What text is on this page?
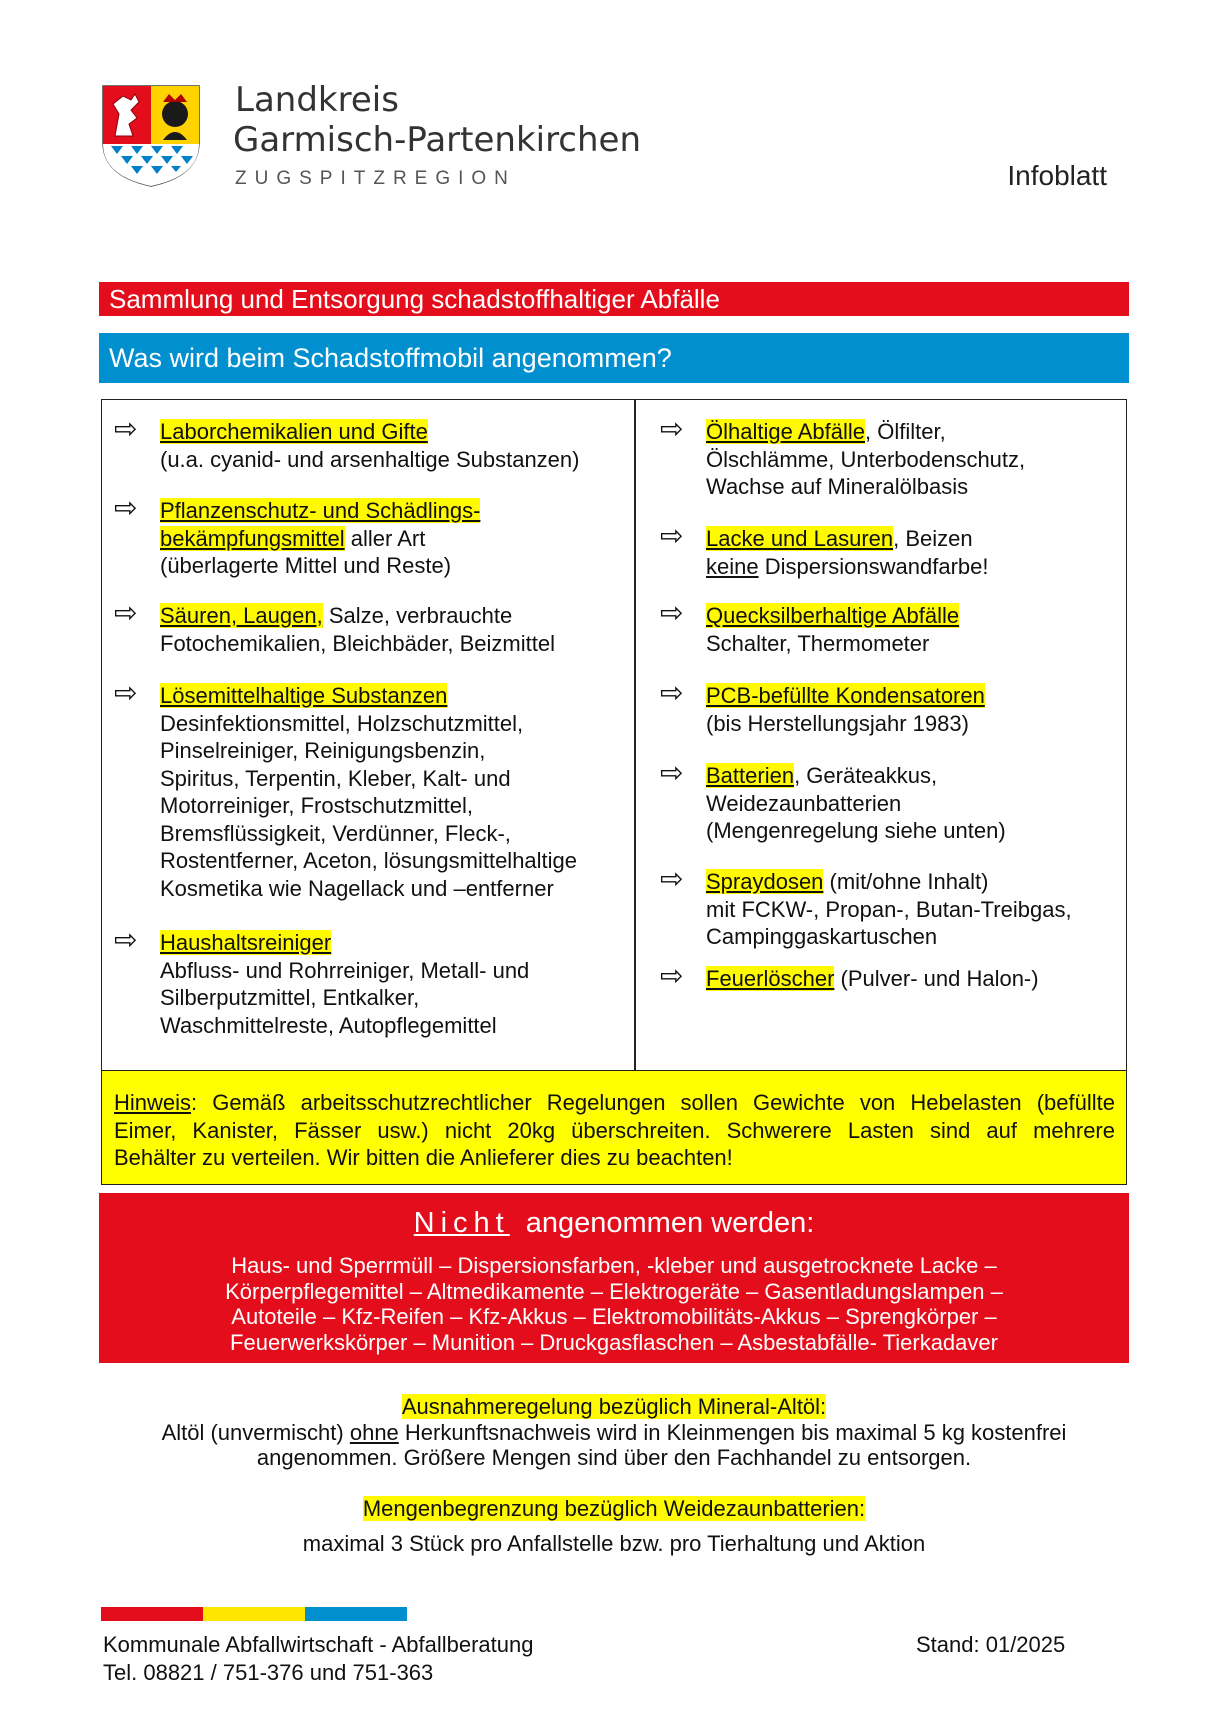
Landkreis
Garmisch-Partenkirchen
ZUGSPITZREGION	Infoblatt
Sammlung und Entsorgung schadstoffhaltiger Abfälle
Was wird beim Schadstoffmobil angenommen?
⇨ Laborchemikalien und Gifte
(u.a. cyanid- und arsenhaltige Substanzen)
⇨ Pflanzenschutz- und Schädlings-
bekämpfungsmittel aller Art
(überlagerte Mittel und Reste)
⇨ Säuren, Laugen, Salze, verbrauchte
Fotochemikalien, Bleichbäder, Beizmittel
⇨ Lösemittelhaltige Substanzen
Desinfektionsmittel, Holzschutzmittel,
Pinselreiniger, Reinigungsbenzin,
Spiritus, Terpentin, Kleber, Kalt- und
Motorreiniger, Frostschutzmittel,
Bremsflüssigkeit, Verdünner, Fleck-,
Rostentferner, Aceton, lösungsmittelhaltige
Kosmetika wie Nagellack und –entferner
⇨ Haushaltsreiniger
Abfluss- und Rohrreiniger, Metall- und
Silberputzmittel, Entkalker,
Waschmittelreste, Autopflegemittel
⇨ Ölhaltige Abfälle, Ölfilter,
Ölschlämme, Unterbodenschutz,
Wachse auf Mineralölbasis
⇨ Lacke und Lasuren, Beizen
keine Dispersionswandfarbe!
⇨ Quecksilberhaltige Abfälle
Schalter, Thermometer
⇨ PCB-befüllte Kondensatoren
(bis Herstellungsjahr 1983)
⇨ Batterien, Geräteakkus,
Weidezaunbatterien
(Mengenregelung siehe unten)
⇨ Spraydosen (mit/ohne Inhalt)
mit FCKW-, Propan-, Butan-Treibgas,
Campinggaskartuschen
⇨ Feuerlöscher (Pulver- und Halon-)
Hinweis: Gemäß arbeitsschutzrechtlicher Regelungen sollen Gewichte von Hebelasten (befüllte
Eimer, Kanister, Fässer usw.) nicht 20kg überschreiten. Schwerere Lasten sind auf mehrere
Behälter zu verteilen. Wir bitten die Anlieferer dies zu beachten!
Nicht angenommen werden:
Haus- und Sperrmüll – Dispersionsfarben, -kleber und ausgetrocknete Lacke –
Körperpflegemittel – Altmedikamente – Elektrogeräte – Gasentladungslampen –
Autoteile – Kfz-Reifen – Kfz-Akkus – Elektromobilitäts-Akkus – Sprengkörper –
Feuerwerkskörper – Munition – Druckgasflaschen – Asbestabfälle- Tierkadaver
Ausnahmeregelung bezüglich Mineral-Altöl:
Altöl (unvermischt) ohne Herkunftsnachweis wird in Kleinmengen bis maximal 5 kg kostenfrei
angenommen. Größere Mengen sind über den Fachhandel zu entsorgen.
Mengenbegrenzung bezüglich Weidezaunbatterien:
maximal 3 Stück pro Anfallstelle bzw. pro Tierhaltung und Aktion
Kommunale Abfallwirtschaft - Abfallberatung
Tel. 08821 / 751-376 und 751-363
Stand: 01/2025
